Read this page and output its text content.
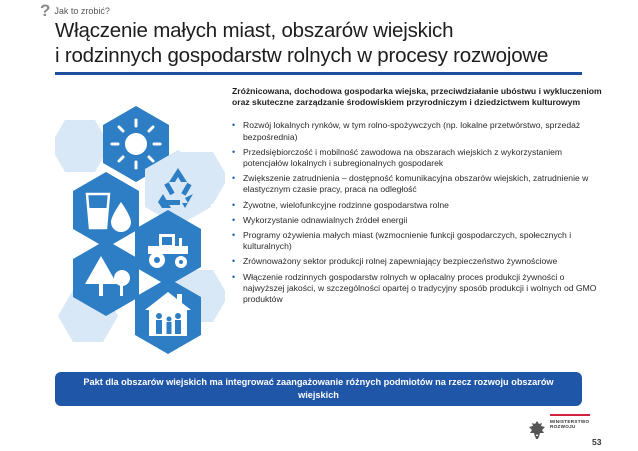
? Jak to zrobić?
Włączenie małych miast, obszarów wiejskich
i rodzinnych gospodarstw rolnych w procesy rozwojowe

Zróżnicowana, dochodowa gospodarka wiejska, przeciwdziałanie ubóstwu i wykluczeniom oraz skuteczne zarządzanie środowiskiem przyrodniczym i dziedzictwem kulturowym

• Rozwój lokalnych rynków, w tym rolno-spożywczych (np. lokalne przetwórstwo, sprzedaż bezpośrednia)
• Przedsiębiorczość i mobilność zawodowa na obszarach wiejskich z wykorzystaniem potencjałów lokalnych i subregionalnych gospodarek
• Zwiększenie zatrudnienia – dostępność komunikacyjna obszarów wiejskich, zatrudnienie w elastycznym czasie pracy, praca na odległość
• Żywotne, wielofunkcyjne rodzinne gospodarstwa rolne
• Wykorzystanie odnawialnych źródeł energii
• Programy ożywienia małych miast (wzmocnienie funkcji gospodarczych, społecznych i kulturalnych)
• Zrównoważony sektor produkcji rolnej zapewniający bezpieczeństwo żywnościowe
• Włączenie rodzinnych gospodarstw rolnych w opłacalny proces produkcji żywności o najwyższej jakości, w szczególności opartej o tradycyjny sposób produkcji i wolnych od GMO produktów
Pakt dla obszarów wiejskich ma integrować zaangażowanie różnych podmiotów na rzecz rozwoju obszarów wiejskich
MINISTERSTWO
ROZWOJU
53
